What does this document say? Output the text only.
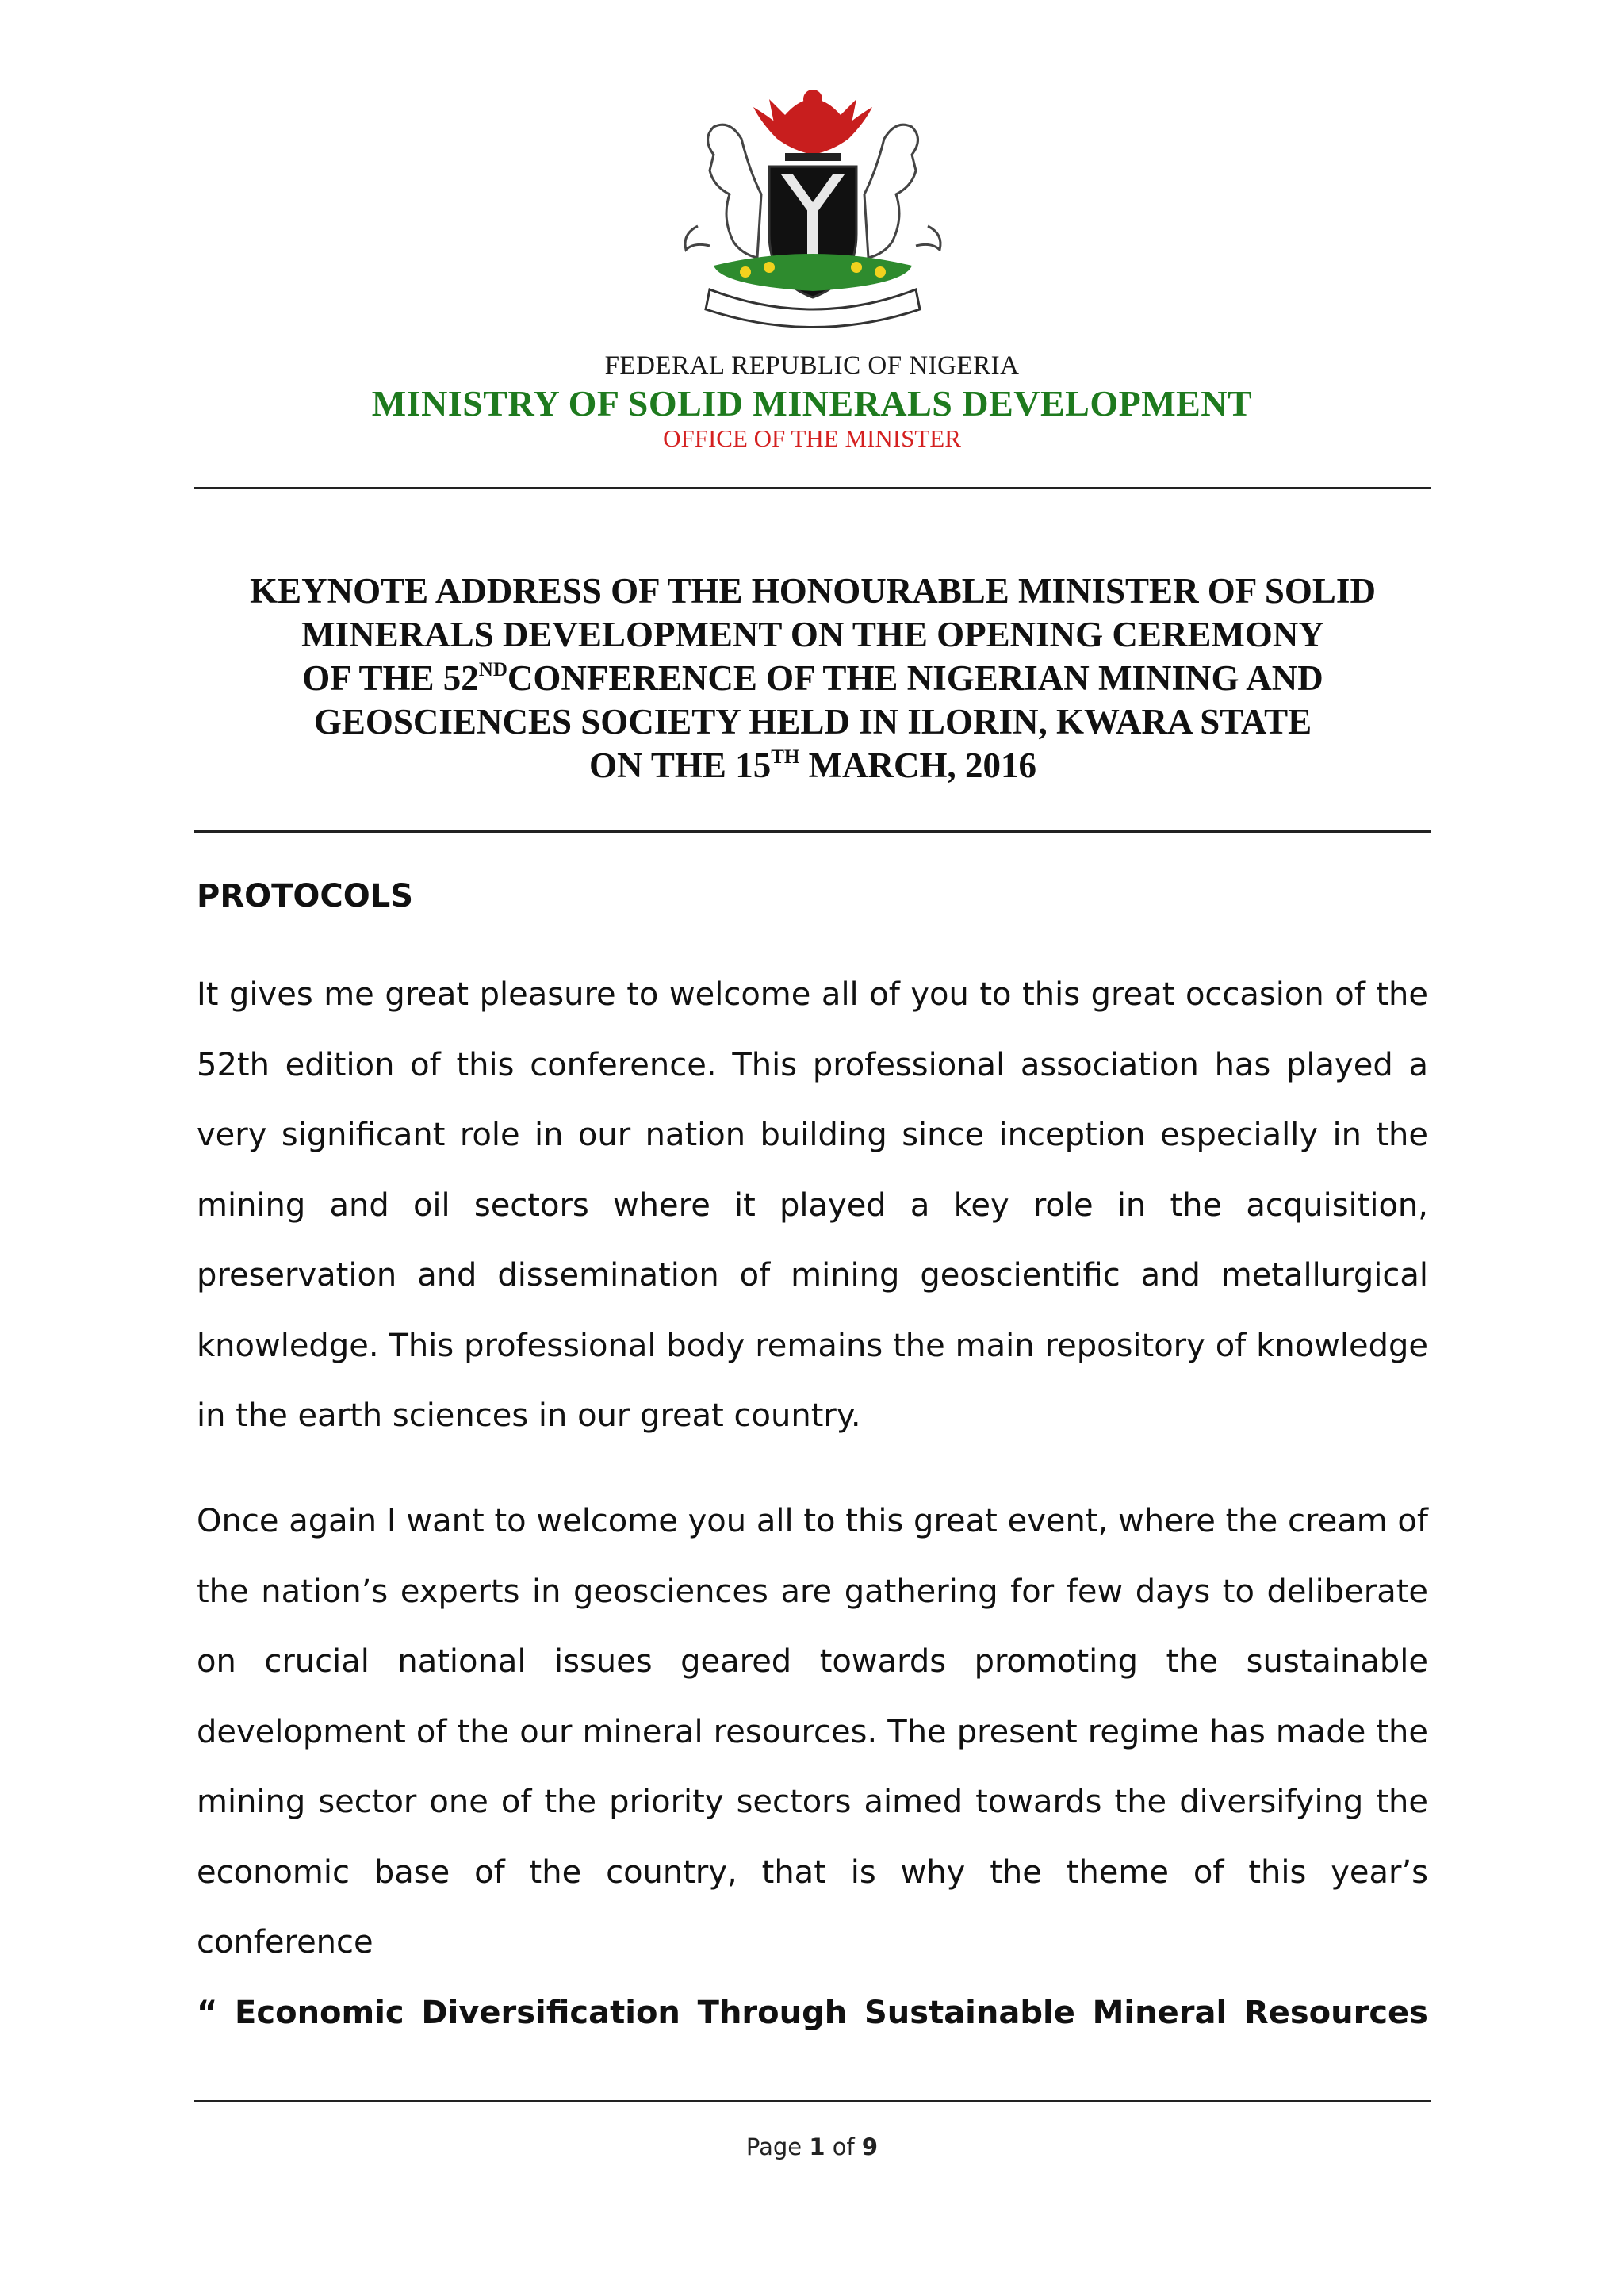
FEDERAL REPUBLIC OF NIGERIA
MINISTRY OF SOLID MINERALS DEVELOPMENT
OFFICE OF THE MINISTER
KEYNOTE ADDRESS OF THE HONOURABLE MINISTER OF SOLID
MINERALS DEVELOPMENT ON THE OPENING CEREMONY
OF THE 52NDCONFERENCE OF THE NIGERIAN MINING AND
GEOSCIENCES SOCIETY HELD IN ILORIN, KWARA STATE
ON THE 15TH MARCH, 2016
PROTOCOLS
It gives me great pleasure to welcome all of you to this great occasion of the 52th edition of this conference. This professional association has played a very significant role in our nation building since inception especially in the mining and oil sectors where it played a key role in the acquisition, preservation and dissemination of mining geoscientific and metallurgical knowledge. This professional body remains the main repository of knowledge in the earth sciences in our great country.
Once again I want to welcome you all to this great event, where the cream of the nation’s experts in geosciences are gathering for few days to deliberate on crucial national issues geared towards promoting the sustainable development of the our mineral resources. The present regime has made the mining sector one of the priority sectors aimed towards the diversifying the economic base of the country, that is why the theme of this year’s conference
“ Economic Diversification Through Sustainable Mineral Resources
Page 1 of 9
